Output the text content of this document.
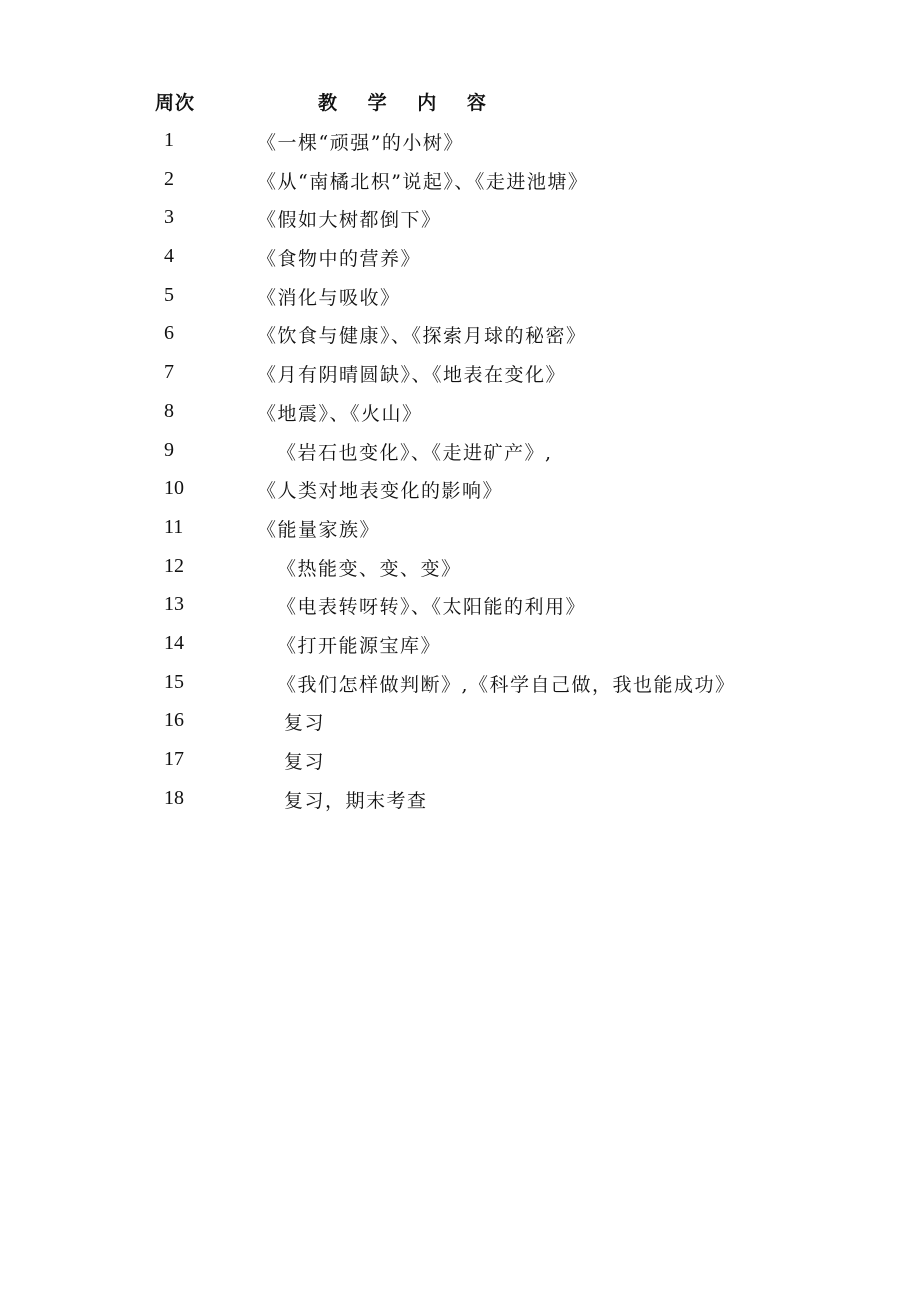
周次	教 学 内 容
1	《一棵“顽强”的小树》
2	《从“南橘北枳”说起》、《走进池塘》
3	《假如大树都倒下》
4	《食物中的营养》
5	《消化与吸收》
6	《饮食与健康》、《探索月球的秘密》
7	《月有阴晴圆缺》、《地表在变化》
8	《地震》、《火山》
9	《岩石也变化》、《走进矿产》,
10	《人类对地表变化的影响》
11	《能量家族》
12	《热能变、变、变》
13	《电表转呀转》、《太阳能的利用》
14	《打开能源宝库》
15	《我们怎样做判断》,《科学自己做，我也能成功》
16	复习
17	复习
18	复习，期末考查
